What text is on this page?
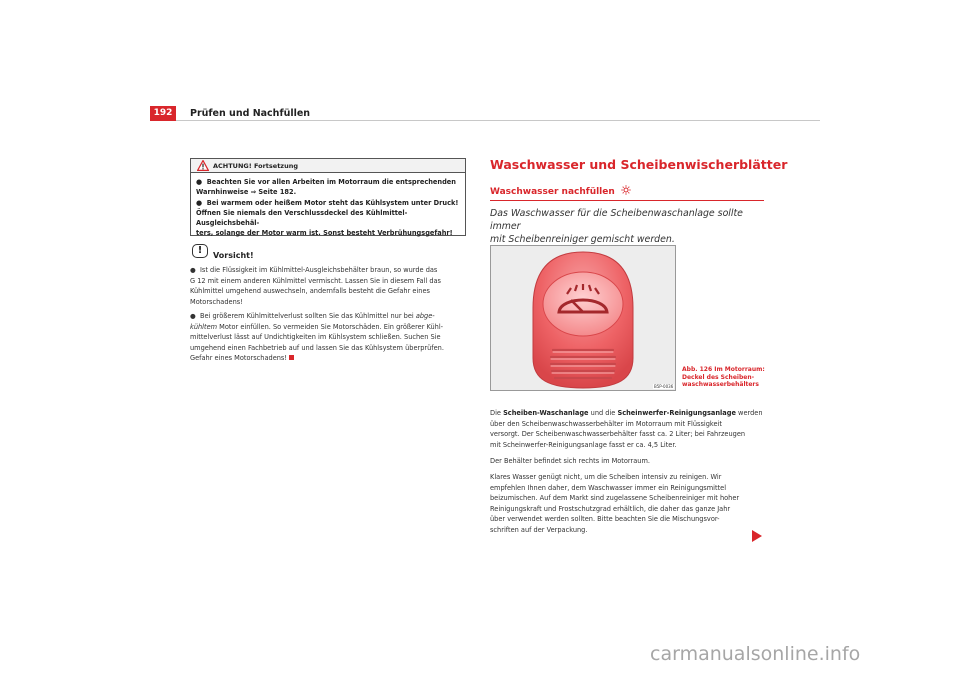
192	Prüfen und Nachfüllen
ACHTUNG! Fortsetzung
● Beachten Sie vor allen Arbeiten im Motorraum die entsprechenden
Warnhinweise ⇒ Seite 182.
● Bei warmem oder heißem Motor steht das Kühlsystem unter Druck!
Öffnen Sie niemals den Verschlussdeckel des Kühlmittel-Ausgleichsbehäl-
ters, solange der Motor warm ist. Sonst besteht Verbrühungsgefahr!
!	Vorsicht!
● Ist die Flüssigkeit im Kühlmittel-Ausgleichsbehälter braun, so wurde das
G 12 mit einem anderen Kühlmittel vermischt. Lassen Sie in diesem Fall das
Kühlmittel umgehend auswechseln, andernfalls besteht die Gefahr eines
Motorschadens!
● Bei größerem Kühlmittelverlust sollten Sie das Kühlmittel nur bei abge-
kühltem Motor einfüllen. So vermeiden Sie Motorschäden. Ein größerer Kühl-
mittelverlust lässt auf Undichtigkeiten im Kühlsystem schließen. Suchen Sie
umgehend einen Fachbetrieb auf und lassen Sie das Kühlsystem überprüfen.
Gefahr eines Motorschadens!
Waschwasser und Scheibenwischerblätter
Waschwasser nachfüllen
Das Waschwasser für die Scheibenwaschanlage sollte immer
mit Scheibenreiniger gemischt werden.
B5P-0036
Abb. 126 Im Motorraum:
Deckel des Scheiben-
waschwasserbehälters
Die Scheiben-Waschanlage und die Scheinwerfer-Reinigungsanlage werden
über den Scheibenwaschwasserbehälter im Motorraum mit Flüssigkeit
versorgt. Der Scheibenwaschwasserbehälter fasst ca. 2 Liter; bei Fahrzeugen
mit Scheinwerfer-Reinigungsanlage fasst er ca. 4,5 Liter.
Der Behälter befindet sich rechts im Motorraum.
Klares Wasser genügt nicht, um die Scheiben intensiv zu reinigen. Wir
empfehlen Ihnen daher, dem Waschwasser immer ein Reinigungsmittel
beizumischen. Auf dem Markt sind zugelassene Scheibenreiniger mit hoher
Reinigungskraft und Frostschutzgrad erhältlich, die daher das ganze Jahr
über verwendet werden sollten. Bitte beachten Sie die Mischungsvor-
schriften auf der Verpackung.
carmanualsonline.info
